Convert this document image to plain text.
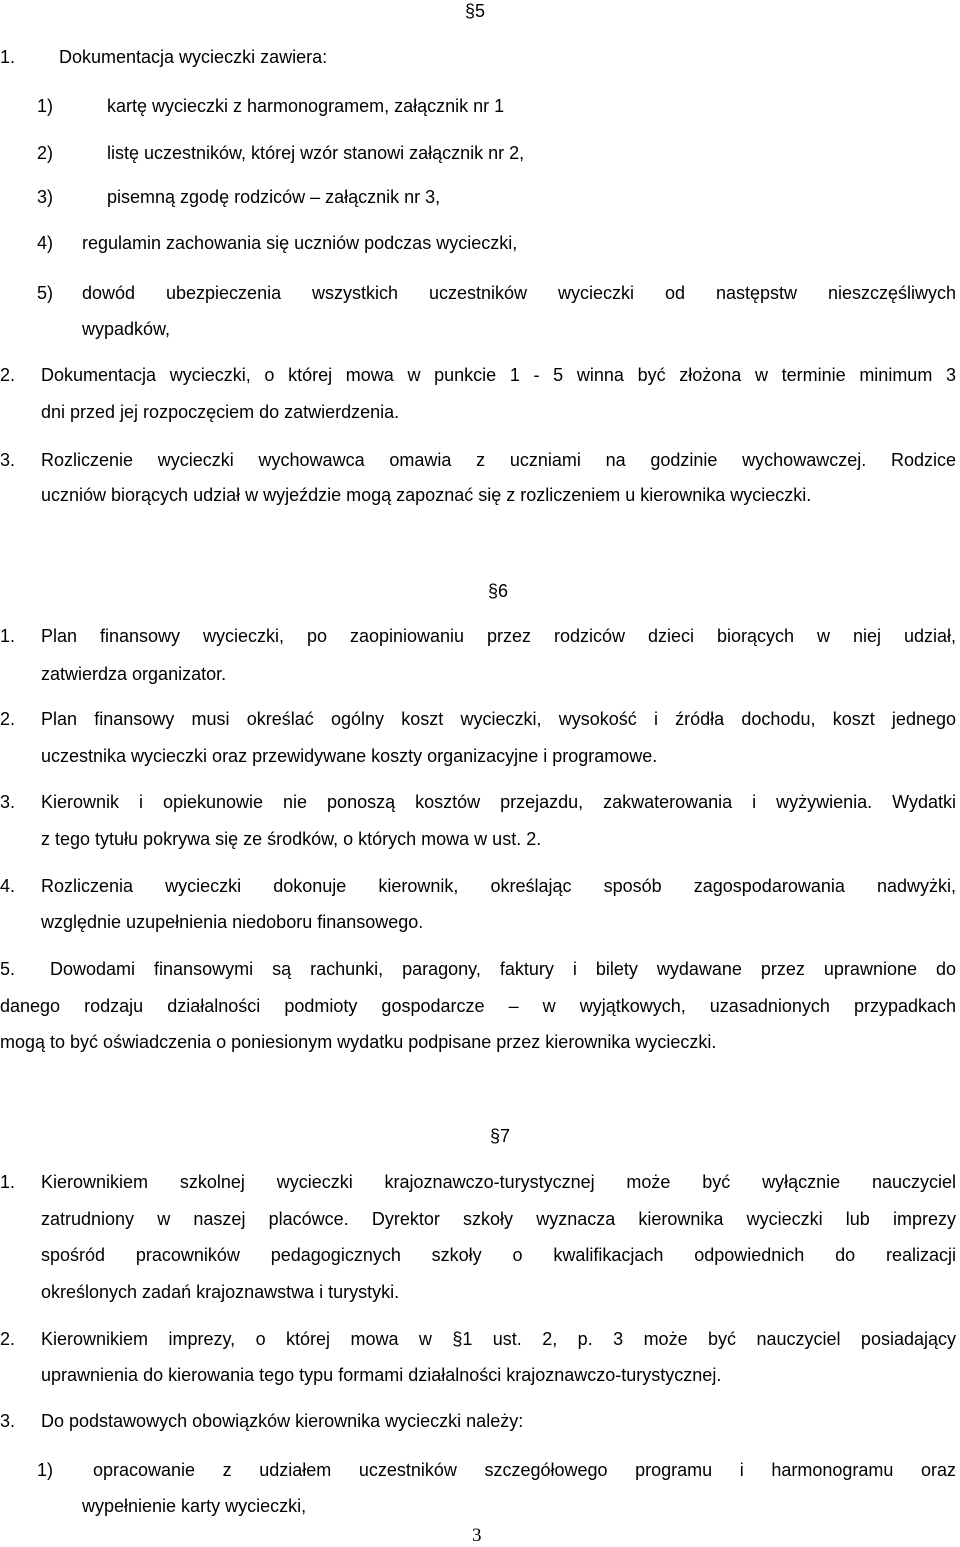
§5
1. Dokumentacja wycieczki zawiera:
1)	kartę wycieczki z harmonogramem, załącznik nr 1
2)	listę uczestników, której wzór stanowi załącznik nr 2,
3)	pisemną zgodę rodziców – załącznik nr 3,
4) regulamin zachowania się uczniów podczas wycieczki,
5) dowód ubezpieczenia wszystkich uczestników wycieczki od następstw nieszczęśliwych
wypadków,
2. Dokumentacja wycieczki, o której mowa w punkcie 1 - 5 winna być złożona w terminie minimum 3
dni przed jej rozpoczęciem do zatwierdzenia.
3. Rozliczenie wycieczki wychowawca omawia z uczniami na godzinie wychowawczej. Rodzice
uczniów biorących udział w wyjeździe mogą zapoznać się z rozliczeniem u kierownika wycieczki.
§6
1. Plan finansowy wycieczki, po zaopiniowaniu przez rodziców dzieci biorących w niej udział,
zatwierdza organizator.
2. Plan finansowy musi określać ogólny koszt wycieczki, wysokość i źródła dochodu, koszt jednego
uczestnika wycieczki oraz przewidywane koszty organizacyjne i programowe.
3. Kierownik i opiekunowie nie ponoszą kosztów przejazdu, zakwaterowania i wyżywienia. Wydatki
z tego tytułu pokrywa się ze środków, o których mowa w ust. 2.
4. Rozliczenia wycieczki dokonuje kierownik, określając sposób zagospodarowania nadwyżki,
względnie uzupełnienia niedoboru finansowego.
5. Dowodami finansowymi są rachunki, paragony, faktury i bilety wydawane przez uprawnione do
danego rodzaju działalności podmioty gospodarcze – w wyjątkowych, uzasadnionych przypadkach
mogą to być oświadczenia o poniesionym wydatku podpisane przez kierownika wycieczki.
§7
1. Kierownikiem szkolnej wycieczki krajoznawczo-turystycznej może być wyłącznie nauczyciel
zatrudniony w naszej placówce. Dyrektor szkoły wyznacza kierownika wycieczki lub imprezy
spośród pracowników pedagogicznych szkoły o kwalifikacjach odpowiednich do realizacji
określonych zadań krajoznawstwa i turystyki.
2. Kierownikiem imprezy, o której mowa w §1 ust. 2, p. 3 może być nauczyciel posiadający
uprawnienia do kierowania tego typu formami działalności krajoznawczo-turystycznej.
3. Do podstawowych obowiązków kierownika wycieczki należy:
1) opracowanie z udziałem uczestników szczegółowego programu i harmonogramu oraz
wypełnienie karty wycieczki,
3
